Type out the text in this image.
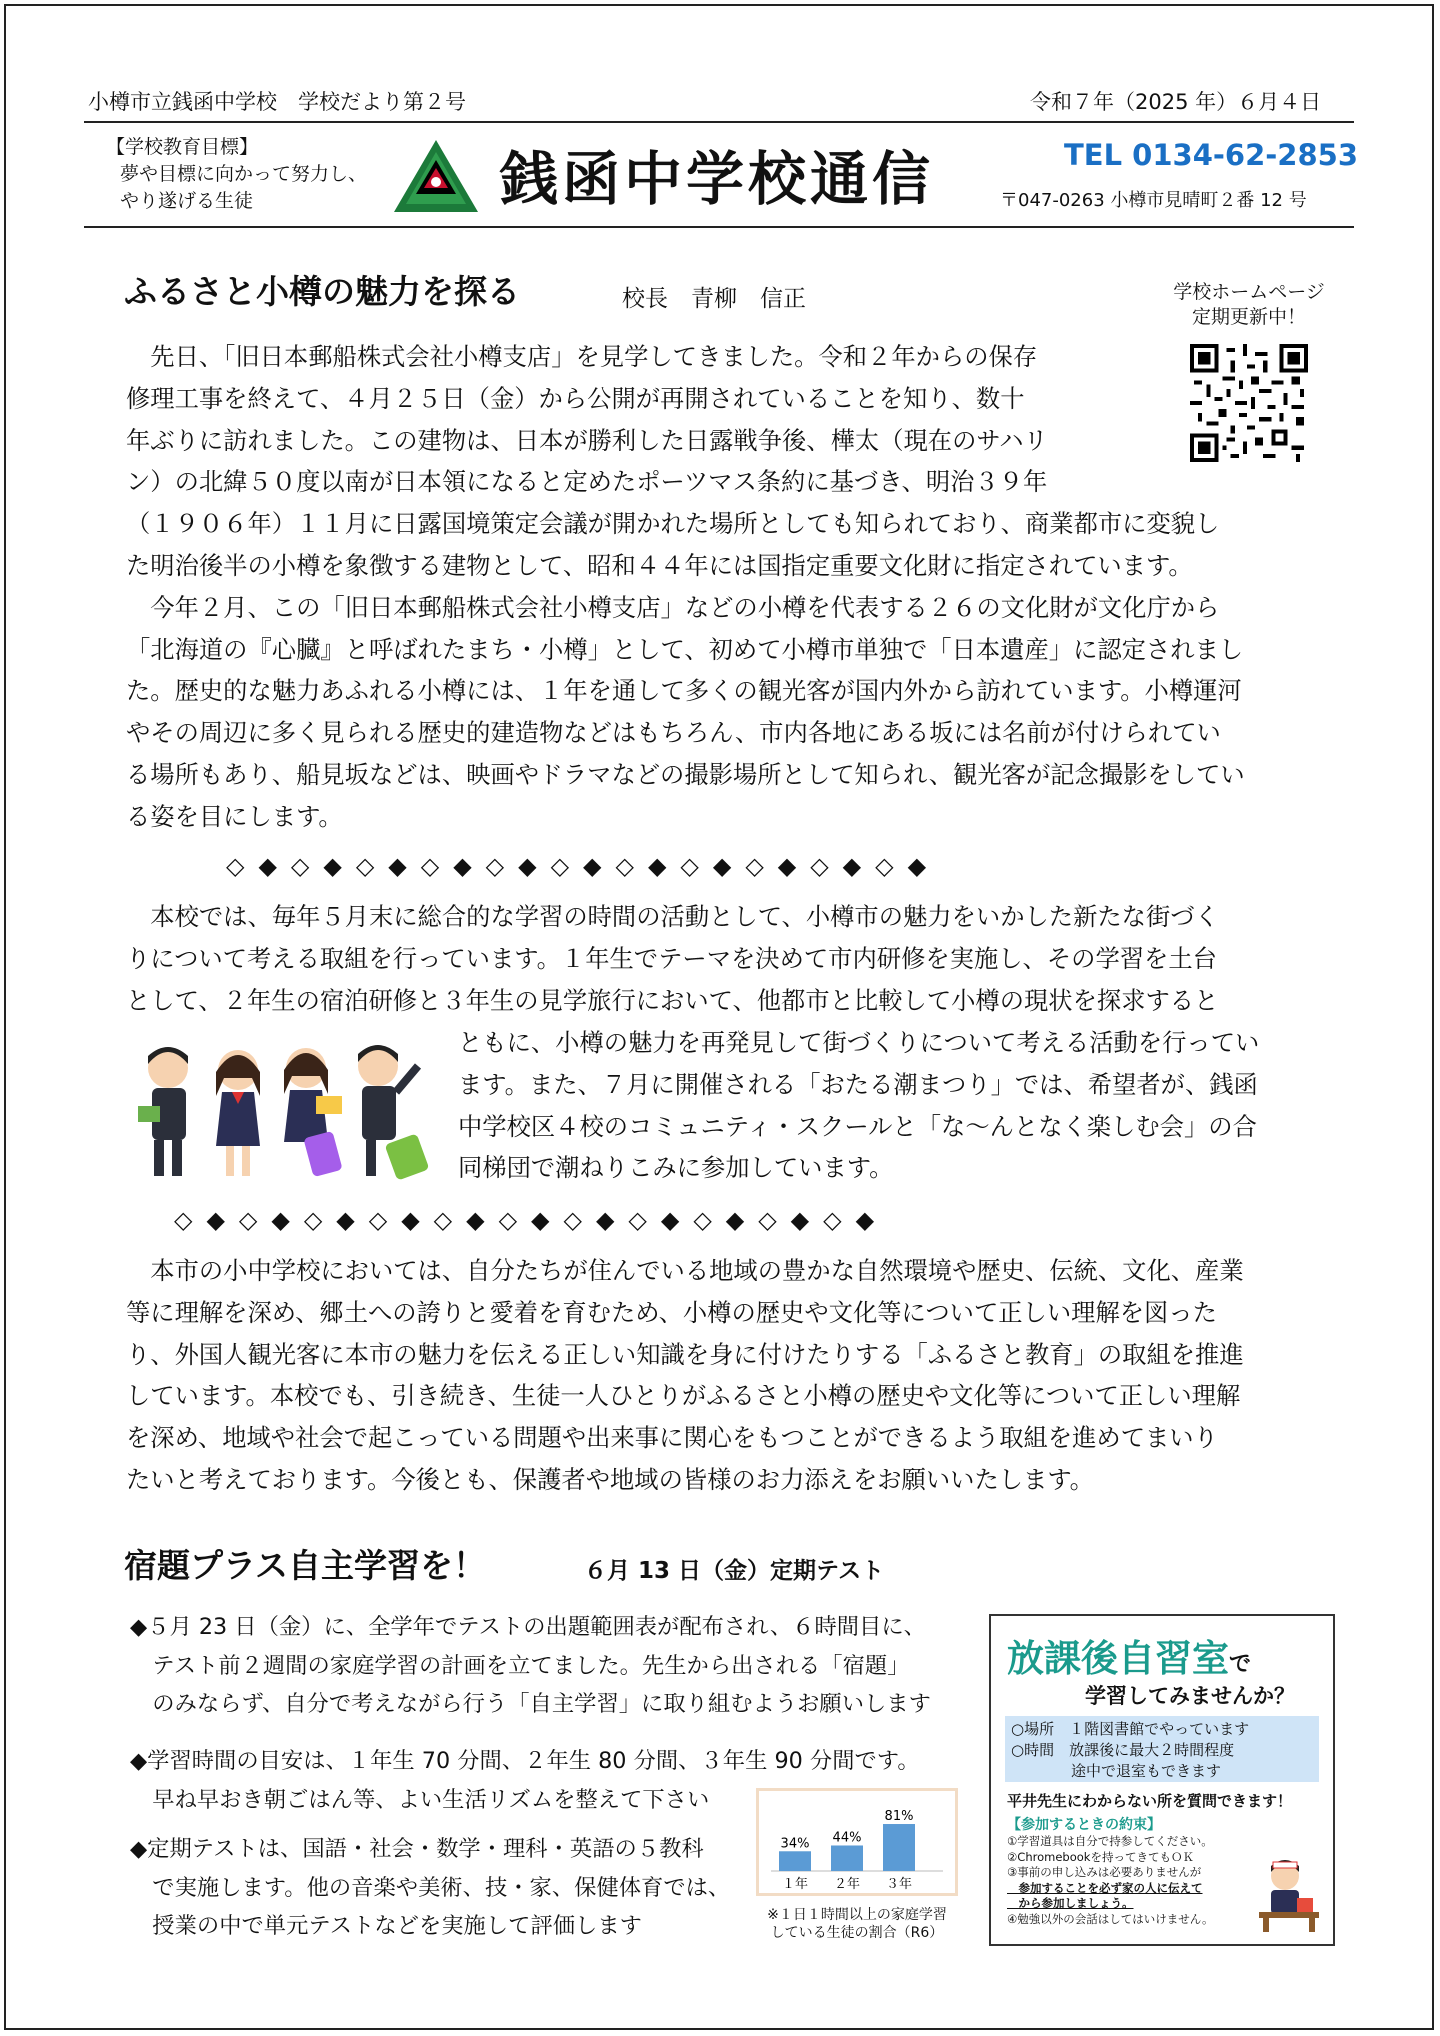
小樽市立銭函中学校　学校だより第２号	令和７年（2025 年）６月４日
【学校教育目標】
夢や目標に向かって努力し、
やり遂げる生徒	銭函中学校通信	TEL 0134-62-2853
〒047-0263 小樽市見晴町２番 12 号
学校ホームページ
定期更新中！
ふるさと小樽の魅力を探る	校長　青柳　信正
　先日、「旧日本郵船株式会社小樽支店」を見学してきました。令和２年からの保存
修理工事を終えて、４月２５日（金）から公開が再開されていることを知り、数十
年ぶりに訪れました。この建物は、日本が勝利した日露戦争後、樺太（現在のサハリ
ン）の北緯５０度以南が日本領になると定めたポーツマス条約に基づき、明治３９年
（１９０６年）１１月に日露国境策定会議が開かれた場所としても知られており、商業都市に変貌し
た明治後半の小樽を象徴する建物として、昭和４４年には国指定重要文化財に指定されています。
　今年２月、この「旧日本郵船株式会社小樽支店」などの小樽を代表する２６の文化財が文化庁から
「北海道の『心臓』と呼ばれたまち・小樽」として、初めて小樽市単独で「日本遺産」に認定されまし
た。歴史的な魅力あふれる小樽には、１年を通して多くの観光客が国内外から訪れています。小樽運河
やその周辺に多く見られる歴史的建造物などはもちろん、市内各地にある坂には名前が付けられてい
る場所もあり、船見坂などは、映画やドラマなどの撮影場所として知られ、観光客が記念撮影をしてい
る姿を目にします。
◇◆◇◆◇◆◇◆◇◆◇◆◇◆◇◆◇◆◇◆◇◆
　本校では、毎年５月末に総合的な学習の時間の活動として、小樽市の魅力をいかした新たな街づく
りについて考える取組を行っています。１年生でテーマを決めて市内研修を実施し、その学習を土台
として、２年生の宿泊研修と３年生の見学旅行において、他都市と比較して小樽の現状を探求すると
ともに、小樽の魅力を再発見して街づくりについて考える活動を行ってい
ます。また、７月に開催される「おたる潮まつり」では、希望者が、銭函
中学校区４校のコミュニティ・スクールと「な～んとなく楽しむ会」の合
同梯団で潮ねりこみに参加しています。
◇◆◇◆◇◆◇◆◇◆◇◆◇◆◇◆◇◆◇◆◇◆
　本市の小中学校においては、自分たちが住んでいる地域の豊かな自然環境や歴史、伝統、文化、産業
等に理解を深め、郷土への誇りと愛着を育むため、小樽の歴史や文化等について正しい理解を図った
り、外国人観光客に本市の魅力を伝える正しい知識を身に付けたりする「ふるさと教育」の取組を推進
しています。本校でも、引き続き、生徒一人ひとりがふるさと小樽の歴史や文化等について正しい理解
を深め、地域や社会で起こっている問題や出来事に関心をもつことができるよう取組を進めてまいり
たいと考えております。今後とも、保護者や地域の皆様のお力添えをお願いいたします。
宿題プラス自主学習を！	６月 13 日（金）定期テスト
◆５月 23 日（金）に、全学年でテストの出題範囲表が配布され、６時間目に、
　テスト前２週間の家庭学習の計画を立てました。先生から出される「宿題」
　のみならず、自分で考えながら行う「自主学習」に取り組むようお願いします
◆学習時間の目安は、１年生 70 分間、２年生 80 分間、３年生 90 分間です。
　早ね早おき朝ごはん等、よい生活リズムを整えて下さい
◆定期テストは、国語・社会・数学・理科・英語の５教科
　で実施します。他の音楽や美術、技・家、保健体育では、
　授業の中で単元テストなどを実施して評価します
34%
１年
44%
２年
81%
３年
※１日１時間以上の家庭学習
している生徒の割合（R6）
放課後自習室で
学習してみませんか？
○場所　１階図書館でやっています
○時間　放課後に最大２時間程度
　　　　途中で退室もできます
平井先生にわからない所を質問できます！
【参加するときの約束】
①学習道具は自分で持参してください。
②Chromebookを持ってきてもＯＫ
③事前の申し込みは必要ありませんが
　参加することを必ず家の人に伝えて
　から参加しましょう。
④勉強以外の会話はしてはいけません。
